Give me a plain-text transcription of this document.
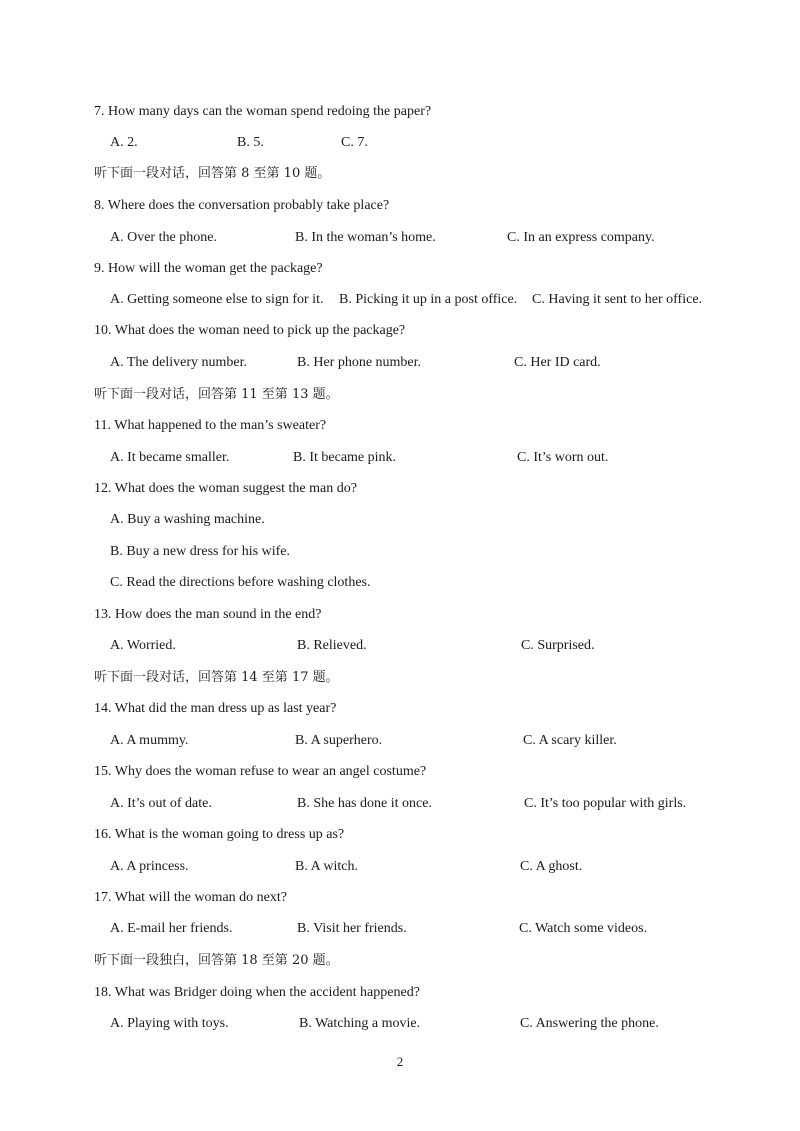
7. How many days can the woman spend redoing the paper?
A. 2.	B. 5.	C. 7.
听下面一段对话，回答第 8 至第 10 题。
8. Where does the conversation probably take place?
A. Over the phone.	B. In the woman’s home.	C. In an express company.
9. How will the woman get the package?
A. Getting someone else to sign for it. B. Picking it up in a post office. C. Having it sent to her office.
10. What does the woman need to pick up the package?
A. The delivery number.	B. Her phone number.	C. Her ID card.
听下面一段对话，回答第 11 至第 13 题。
11. What happened to the man’s sweater?
A. It became smaller.	B. It became pink.	C. It’s worn out.
12. What does the woman suggest the man do?
A. Buy a washing machine.
B. Buy a new dress for his wife.
C. Read the directions before washing clothes.
13. How does the man sound in the end?
A. Worried.	B. Relieved.	C. Surprised.
听下面一段对话，回答第 14 至第 17 题。
14. What did the man dress up as last year?
A. A mummy.	B. A superhero.	C. A scary killer.
15. Why does the woman refuse to wear an angel costume?
A. It’s out of date.	B. She has done it once.	C. It’s too popular with girls.
16. What is the woman going to dress up as?
A. A princess.	B. A witch.	C. A ghost.
17. What will the woman do next?
A. E-mail her friends.	B. Visit her friends.	C. Watch some videos.
听下面一段独白，回答第 18 至第 20 题。
18. What was Bridger doing when the accident happened?
A. Playing with toys.	B. Watching a movie.	C. Answering the phone.
2
